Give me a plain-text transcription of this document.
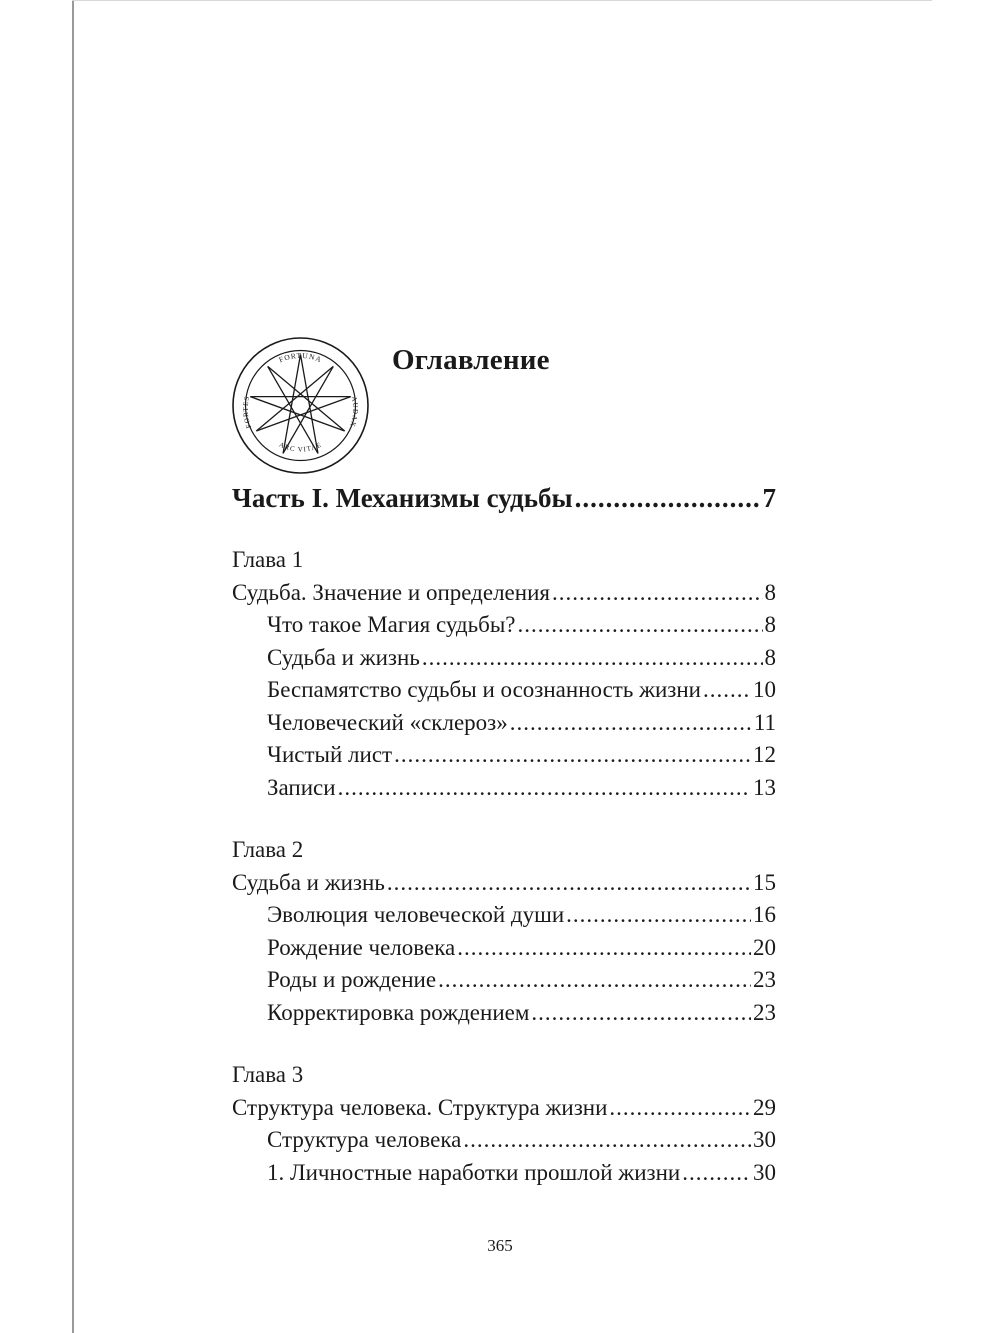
FORTUNA
AUDAX
ARC VITAE
FORTES
Оглавление
Часть I. Механизмы судьбы .....	7
Глава 1
Судьба. Значение и определения .....	8
Что такое Магия судьбы? .....	8
Судьба и жизнь .....	8
Беспамятство судьбы и осознанность жизни ..... 10
Человеческий «склероз» .....	11
Чистый лист .....	12
Записи .....	13
Глава 2
Судьба и жизнь .....	15
Эволюция человеческой души .....	16
Рождение человека .....	20
Роды и рождение .....	23
Корректировка рождением .....	23
Глава 3
Структура человека. Структура жизни .....	29
Структура человека .....	30
1. Личностные наработки прошлой жизни .....	30
365
